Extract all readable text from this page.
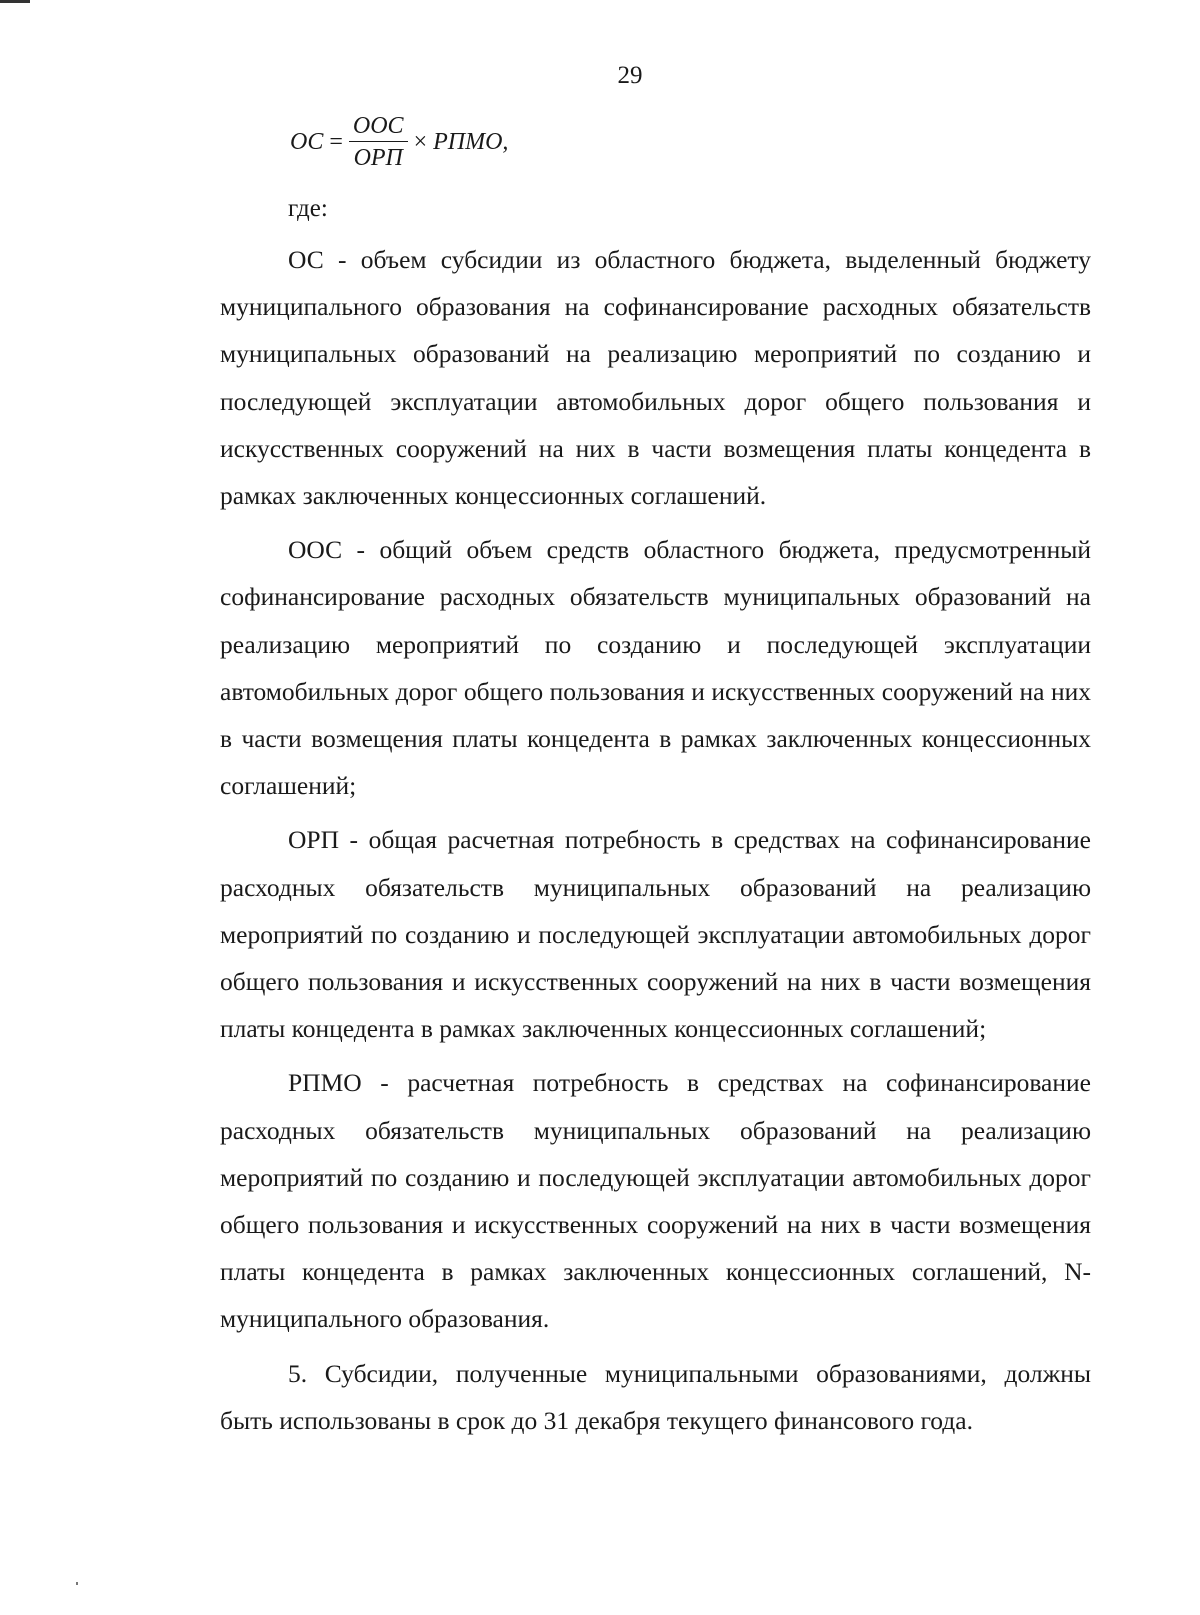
29
ОС = $\frac{\text{ООС}}{\text{ОРП}}$ × РПМО,
где:

ОС - объем субсидии из областного бюджета, выделенный бюджету муниципального образования на софинансирование расходных обязательств муниципальных образований на реализацию мероприятий по созданию и последующей эксплуатации автомобильных дорог общего пользования и искусственных сооружений на них в части возмещения платы концедента в рамках заключенных концессионных соглашений.

ООС - общий объем средств областного бюджета, предусмотренный софинансирование расходных обязательств муниципальных образований на реализацию мероприятий по созданию и последующей эксплуатации автомобильных дорог общего пользования и искусственных сооружений на них в части возмещения платы концедента в рамках заключенных концессионных соглашений;

ОРП - общая расчетная потребность в средствах на софинансирование расходных обязательств муниципальных образований на реализацию мероприятий по созданию и последующей эксплуатации автомобильных дорог общего пользования и искусственных сооружений на них в части возмещения платы концедента в рамках заключенных концессионных соглашений;

РПМО - расчетная потребность в средствах на софинансирование расходных обязательств муниципальных образований на реализацию мероприятий по созданию и последующей эксплуатации автомобильных дорог общего пользования и искусственных сооружений на них в части возмещения платы концедента в рамках заключенных концессионных соглашений, N-муниципального образования.

5. Субсидии, полученные муниципальными образованиями, должны быть использованы в срок до 31 декабря текущего финансового года.
